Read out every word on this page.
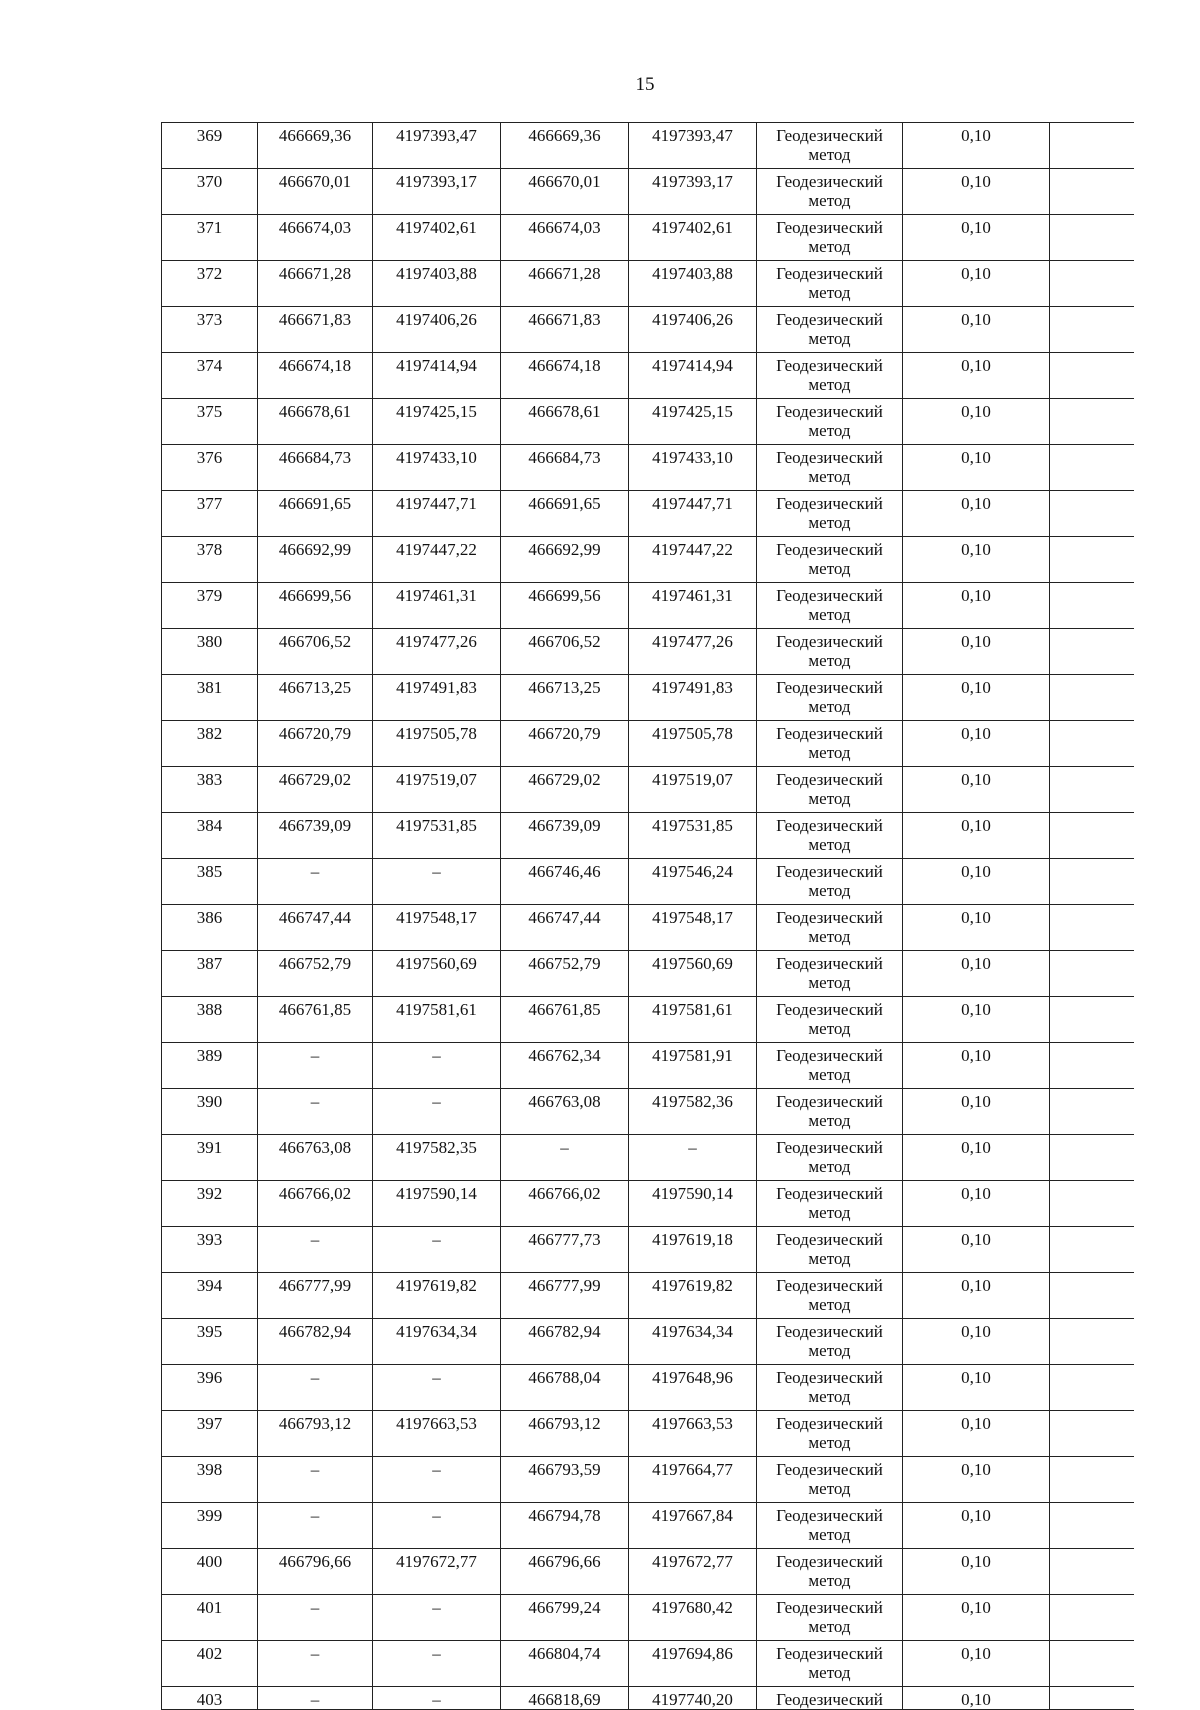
15
369	466669,36	4197393,47	466669,36	4197393,47	Геодезический
метод	0,10	
370	466670,01	4197393,17	466670,01	4197393,17	Геодезический
метод	0,10	
371	466674,03	4197402,61	466674,03	4197402,61	Геодезический
метод	0,10	
372	466671,28	4197403,88	466671,28	4197403,88	Геодезический
метод	0,10	
373	466671,83	4197406,26	466671,83	4197406,26	Геодезический
метод	0,10	
374	466674,18	4197414,94	466674,18	4197414,94	Геодезический
метод	0,10	
375	466678,61	4197425,15	466678,61	4197425,15	Геодезический
метод	0,10	
376	466684,73	4197433,10	466684,73	4197433,10	Геодезический
метод	0,10	
377	466691,65	4197447,71	466691,65	4197447,71	Геодезический
метод	0,10	
378	466692,99	4197447,22	466692,99	4197447,22	Геодезический
метод	0,10	
379	466699,56	4197461,31	466699,56	4197461,31	Геодезический
метод	0,10	
380	466706,52	4197477,26	466706,52	4197477,26	Геодезический
метод	0,10	
381	466713,25	4197491,83	466713,25	4197491,83	Геодезический
метод	0,10	
382	466720,79	4197505,78	466720,79	4197505,78	Геодезический
метод	0,10	
383	466729,02	4197519,07	466729,02	4197519,07	Геодезический
метод	0,10	
384	466739,09	4197531,85	466739,09	4197531,85	Геодезический
метод	0,10	
385	–	–	466746,46	4197546,24	Геодезический
метод	0,10	
386	466747,44	4197548,17	466747,44	4197548,17	Геодезический
метод	0,10	
387	466752,79	4197560,69	466752,79	4197560,69	Геодезический
метод	0,10	
388	466761,85	4197581,61	466761,85	4197581,61	Геодезический
метод	0,10	
389	–	–	466762,34	4197581,91	Геодезический
метод	0,10	
390	–	–	466763,08	4197582,36	Геодезический
метод	0,10	
391	466763,08	4197582,35	–	–	Геодезический
метод	0,10	
392	466766,02	4197590,14	466766,02	4197590,14	Геодезический
метод	0,10	
393	–	–	466777,73	4197619,18	Геодезический
метод	0,10	
394	466777,99	4197619,82	466777,99	4197619,82	Геодезический
метод	0,10	
395	466782,94	4197634,34	466782,94	4197634,34	Геодезический
метод	0,10	
396	–	–	466788,04	4197648,96	Геодезический
метод	0,10	
397	466793,12	4197663,53	466793,12	4197663,53	Геодезический
метод	0,10	
398	–	–	466793,59	4197664,77	Геодезический
метод	0,10	
399	–	–	466794,78	4197667,84	Геодезический
метод	0,10	
400	466796,66	4197672,77	466796,66	4197672,77	Геодезический
метод	0,10	
401	–	–	466799,24	4197680,42	Геодезический
метод	0,10	
402	–	–	466804,74	4197694,86	Геодезический
метод	0,10	
403	–	–	466818,69	4197740,20	Геодезический	0,10	
